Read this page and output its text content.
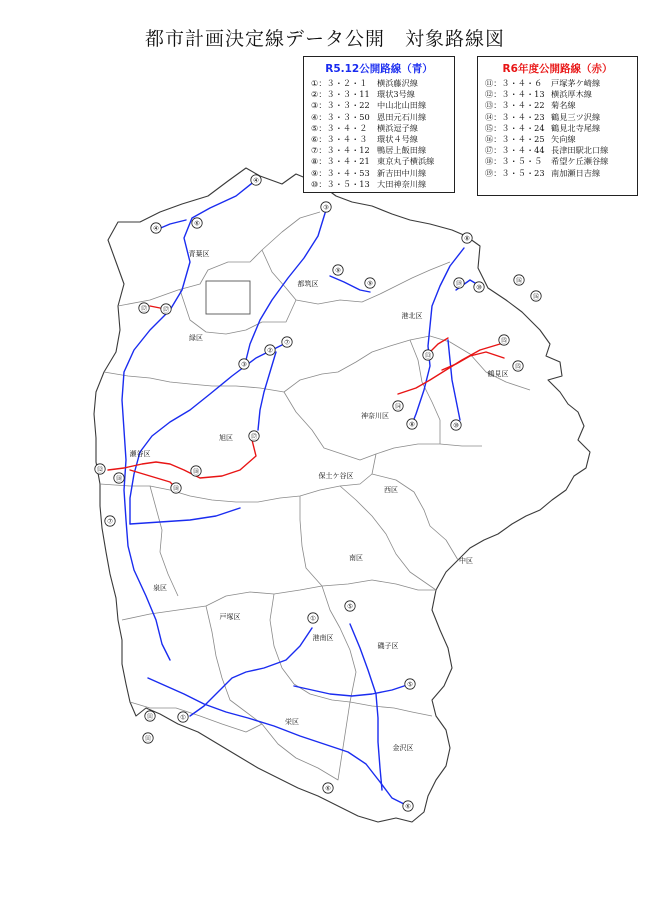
都市計画決定線データ公開　対象路線図
青葉区
都筑区
港北区
緑区
鶴見区
神奈川区
旭区
瀬谷区
保土ケ谷区
西区
泉区
南区	中区
戸塚区
港南区
磯子区
栄区
金沢区
①
①
②
③
③
④
④
⑤
⑤
⑥
⑥
⑥
⑦
⑦
⑧
⑧
⑨
⑨
⑩
⑩
⑪
⑪
⑫
⑬
⑭
⑮
⑮
⑯
⑯
⑰ ⑰
⑰
⑱
⑱
⑱
⑲
R5.12公開路線（青）
①：３・２・１ 横浜藤沢線
②：３・３・11 環状3号線
③：３・３・22 中山北山田線
④：３・３・50 恩田元石川線
⑤：３・４・２ 横浜逗子線
⑥：３・４・３ 環状４号線
⑦：３・４・12 鴨居上飯田線
⑧：３・４・21 東京丸子横浜線
⑨：３・４・53 新吉田中川線
⑩：３・５・13 大田神奈川線
R6年度公開路線（赤）
⑪：３・４・６ 戸塚茅ケ崎線
⑫：３・４・13 横浜厚木線
⑬：３・４・22 菊名線
⑭：３・４・23 鶴見三ツ沢線
⑮：３・４・24 鶴見北寺尾線
⑯：３・４・25 矢向線
⑰：３・４・44 長津田駅北口線
⑱：３・５・５ 希望ケ丘瀬谷線
⑲：３・５・23 南加瀬日吉線
